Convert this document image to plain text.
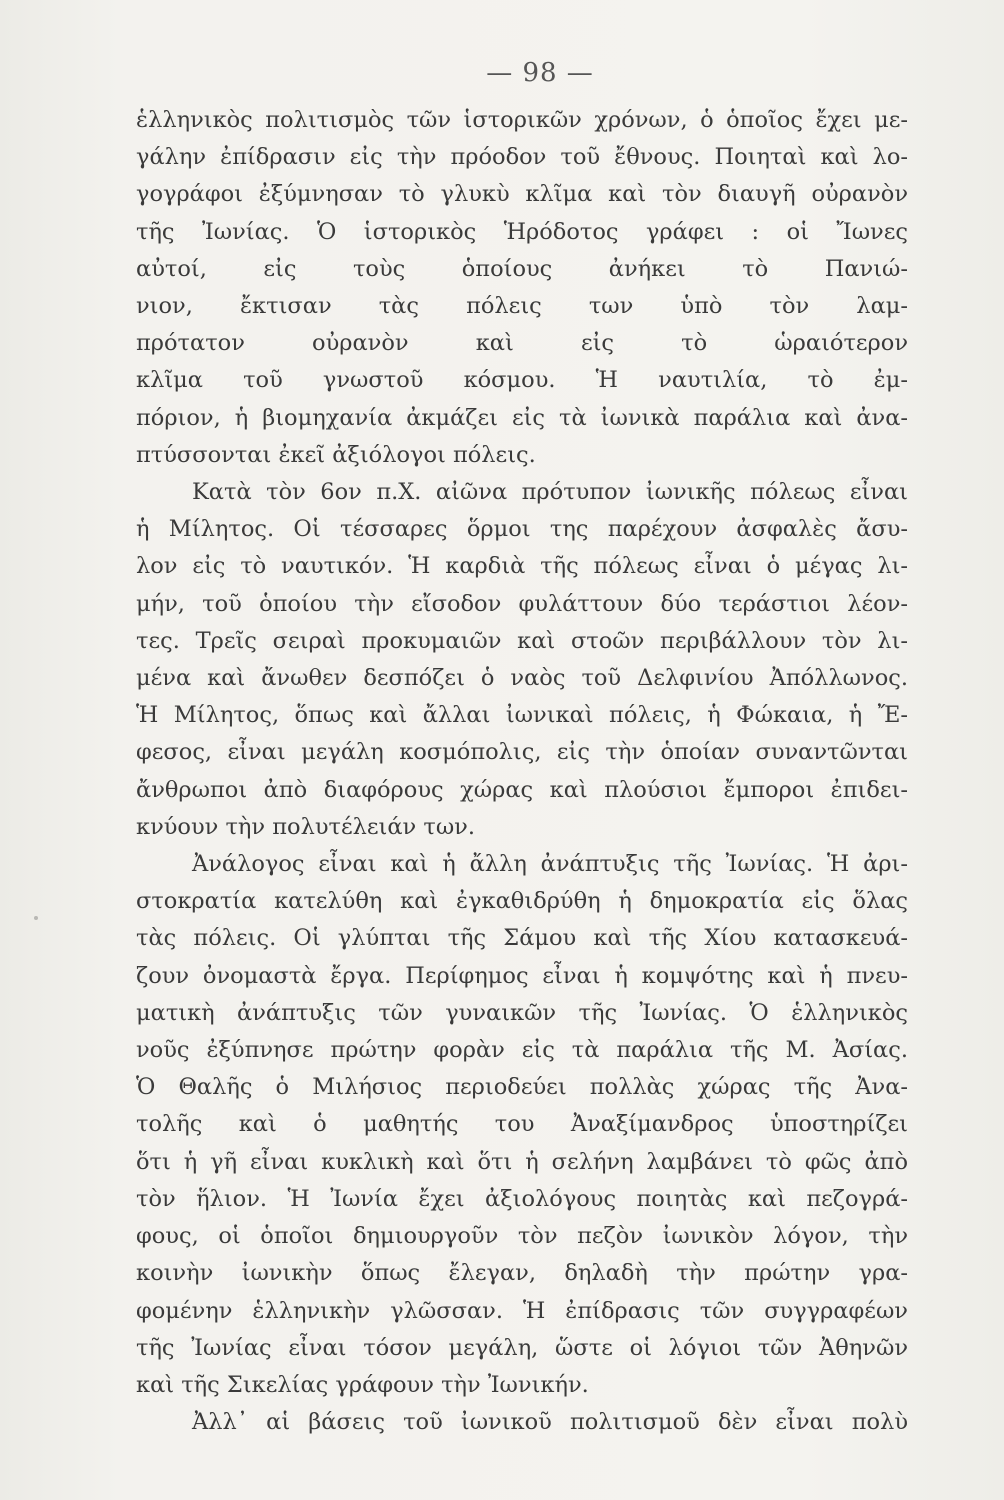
— 98 —
ἑλληνικὸς πολιτισμὸς τῶν ἱστορικῶν χρόνων, ὁ ὁποῖος ἔχει με-
γάλην ἐπίδρασιν εἰς τὴν πρόοδον τοῦ ἔθνους. Ποιηταὶ καὶ λο-
γογράφοι ἐξύμνησαν τὸ γλυκὺ κλῖμα καὶ τὸν διαυγῆ οὐρανὸν
τῆς Ἰωνίας. Ὁ ἱστορικὸς Ἡρόδοτος γράφει : οἱ Ἴωνες
αὐτοί, εἰς τοὺς ὁποίους ἀνήκει τὸ Πανιώ-
νιον, ἔκτισαν τὰς πόλεις των ὑπὸ τὸν λαμ-
πρότατον οὐρανὸν καὶ εἰς τὸ ὡραιότερον
κλῖμα τοῦ γνωστοῦ κόσμου. Ἡ ναυτιλία, τὸ ἐμ-
πόριον, ἡ βιομηχανία ἀκμάζει εἰς τὰ ἰωνικὰ παράλια καὶ ἀνα-
πτύσσονται ἐκεῖ ἀξιόλογοι πόλεις.
Κατὰ τὸν 6ον π.Χ. αἰῶνα πρότυπον ἰωνικῆς πόλεως εἶναι
ἡ Μίλητος. Οἱ τέσσαρες ὅρμοι της παρέχουν ἀσφαλὲς ἄσυ-
λον εἰς τὸ ναυτικόν. Ἡ καρδιὰ τῆς πόλεως εἶναι ὁ μέγας λι-
μήν, τοῦ ὁποίου τὴν εἴσοδον φυλάττουν δύο τεράστιοι λέον-
τες. Τρεῖς σειραὶ προκυμαιῶν καὶ στοῶν περιβάλλουν τὸν λι-
μένα καὶ ἄνωθεν δεσπόζει ὁ ναὸς τοῦ Δελφινίου Ἀπόλλωνος.
Ἡ Μίλητος, ὅπως καὶ ἄλλαι ἰωνικαὶ πόλεις, ἡ Φώκαια, ἡ Ἔ-
φεσος, εἶναι μεγάλη κοσμόπολις, εἰς τὴν ὁποίαν συναντῶνται
ἄνθρωποι ἀπὸ διαφόρους χώρας καὶ πλούσιοι ἔμποροι ἐπιδει-
κνύουν τὴν πολυτέλειάν των.
Ἀνάλογος εἶναι καὶ ἡ ἄλλη ἀνάπτυξις τῆς Ἰωνίας. Ἡ ἀρι-
στοκρατία κατελύθη καὶ ἐγκαθιδρύθη ἡ δημοκρατία εἰς ὅλας
τὰς πόλεις. Οἱ γλύπται τῆς Σάμου καὶ τῆς Χίου κατασκευά-
ζουν ὀνομαστὰ ἔργα. Περίφημος εἶναι ἡ κομψότης καὶ ἡ πνευ-
ματικὴ ἀνάπτυξις τῶν γυναικῶν τῆς Ἰωνίας. Ὁ ἑλληνικὸς
νοῦς ἐξύπνησε πρώτην φορὰν εἰς τὰ παράλια τῆς Μ. Ἀσίας.
Ὁ Θαλῆς ὁ Μιλήσιος περιοδεύει πολλὰς χώρας τῆς Ἀνα-
τολῆς καὶ ὁ μαθητής του Ἀναξίμανδρος ὑποστηρίζει
ὅτι ἡ γῆ εἶναι κυκλικὴ καὶ ὅτι ἡ σελήνη λαμβάνει τὸ φῶς ἀπὸ
τὸν ἥλιον. Ἡ Ἰωνία ἔχει ἀξιολόγους ποιητὰς καὶ πεζογρά-
φους, οἱ ὁποῖοι δημιουργοῦν τὸν πεζὸν ἰωνικὸν λόγον, τὴν
κοινὴν ἰωνικὴν ὅπως ἔλεγαν, δηλαδὴ τὴν πρώτην γρα-
φομένην ἑλληνικὴν γλῶσσαν. Ἡ ἐπίδρασις τῶν συγγραφέων
τῆς Ἰωνίας εἶναι τόσον μεγάλη, ὥστε οἱ λόγιοι τῶν Ἀθηνῶν
καὶ τῆς Σικελίας γράφουν τὴν Ἰωνικήν.
Ἀλλ᾽ αἱ βάσεις τοῦ ἰωνικοῦ πολιτισμοῦ δὲν εἶναι πολὺ
